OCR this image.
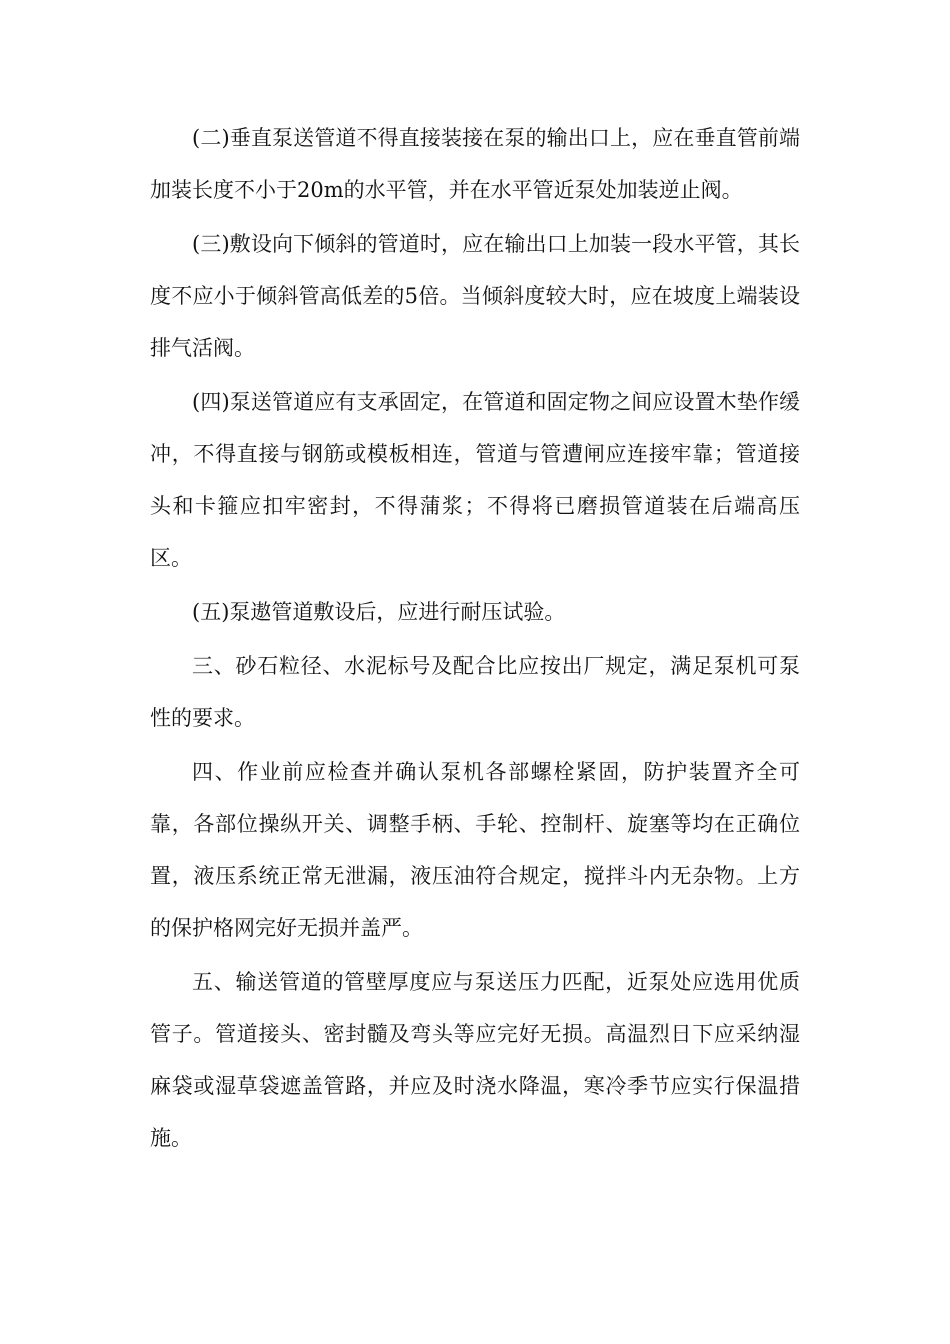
(二)垂直泵送管道不得直接装接在泵的输出口上，应在垂直管前端加装长度不小于20m的水平管，并在水平管近泵处加装逆止阀。

(三)敷设向下倾斜的管道时，应在输出口上加装一段水平管，其长度不应小于倾斜管高低差的5倍。当倾斜度较大时，应在坡度上端装设排气活阀。

(四)泵送管道应有支承固定，在管道和固定物之间应设置木垫作缓冲，不得直接与钢筋或模板相连，管道与管遭闸应连接牢靠；管道接头和卡箍应扣牢密封，不得蒲浆；不得将已磨损管道装在后端高压区。

(五)泵遨管道敷设后，应进行耐压试验。

三、砂石粒径、水泥标号及配合比应按出厂规定，满足泵机可泵性的要求。

四、作业前应检查并确认泵机各部螺栓紧固，防护装置齐全可靠，各部位操纵开关、调整手柄、手轮、控制杆、旋塞等均在正确位置，液压系统正常无泄漏，液压油符合规定，搅拌斗内无杂物。上方的保护格网完好无损并盖严。

五、输送管道的管壁厚度应与泵送压力匹配，近泵处应选用优质管子。管道接头、密封髓及弯头等应完好无损。高温烈日下应采纳湿麻袋或湿草袋遮盖管路，并应及时浇水降温，寒冷季节应实行保温措施。
